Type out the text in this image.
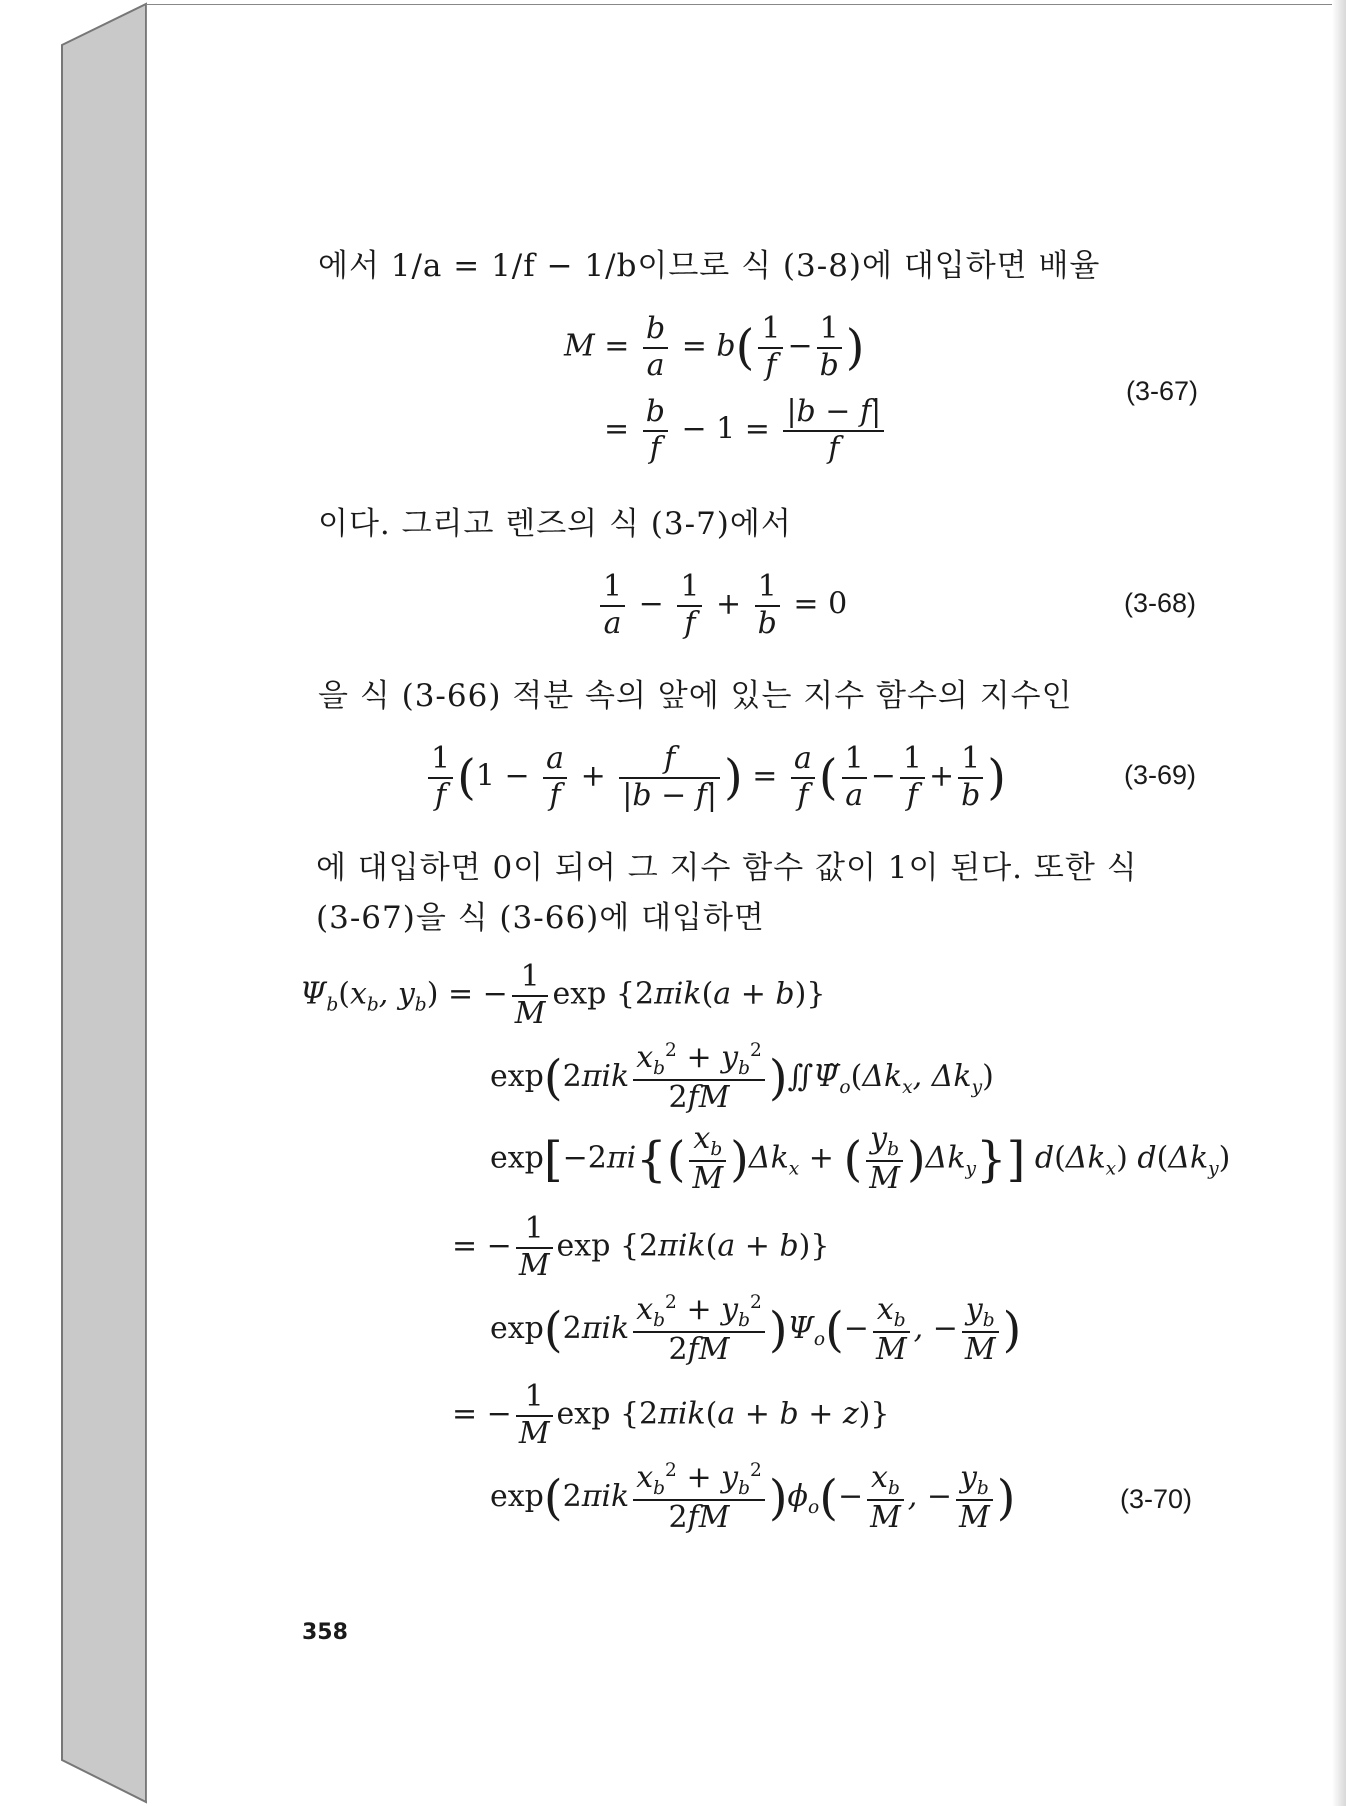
에서 1/a = 1/f − 1/b이므로 식 (3-8)에 대입하면 배율
$M = \frac{b}{a} = b( \frac{1}{f} - \frac{1}{b}$ )
= $\frac{b}{f} - 1 = \frac{|b - f|}{f}$
(3-67)
이다. 그리고 렌즈의 식 (3-7)에서
$\frac{1}{a} - \frac{1}{f} + \frac{1}{b} = 0$	(3-68)
을 식 (3-66) 적분 속의 앞에 있는 지수 함수의 지수인
$\frac{1}{f} (1 - \frac{a}{f} + \frac{f}{|b - f|}$ ) = $\frac{a}{f}$ ( $\frac{1}{a} - \frac{1}{f} + \frac{1}{b}$ )	(3-69)
에 대입하면 0이 되어 그 지수 함수 값이 1이 된다. 또한 식
(3-67)을 식 (3-66)에 대입하면
$\Psi_b(x_b$, $y_b$) = − $\frac{1}{M}$ exp {2πik(a + b)}
$\exp(2\pi ik \frac{x_b^2 + y_b^2}{2fM}$ )$∬\Psĩ_o(\Delta k_x$, $\Delta k_y$)
$\exp[-2\pi i\{( \frac{x_b}{M} )\Delta k_x$ + ( $\frac{y_b}{M} )\Delta k_y$}] $d(\Delta k_x)$ $d(\Delta k_y)$
= − $\frac{1}{M}$ exp {2πik(a + b)}
$\exp(2\pi ik \frac{x_b^2 + y_b^2}{2fM} )\Psi_o(- \frac{x_b}{M}$ , − $\frac{y_b}{M}$ )
= − $\frac{1}{M}$ exp {2πik(a + b + z)}
$\exp(2\pi ik \frac{x_b^2 + y_b^2}{2fM} )\phi_o(- \frac{x_b}{M}$ , − $\frac{y_b}{M}$ )	(3-70)
358
